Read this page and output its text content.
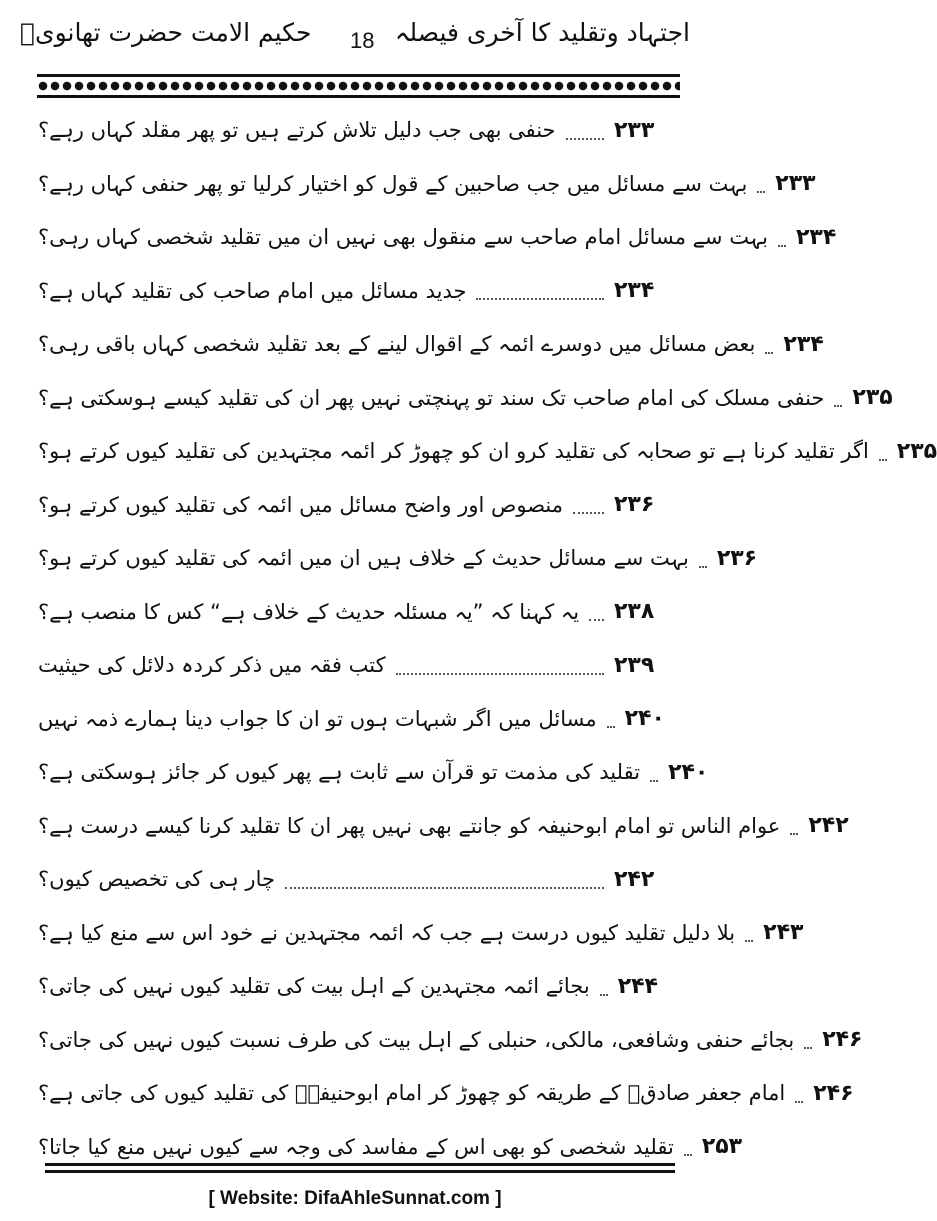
اجتہاد وتقلید کا آخری فیصلہ
18
حکیم الامت حضرت تھانویؒ
حنفی بھی جب دلیل تلاش کرتے ہیں تو پھر مقلد کہاں رہے؟	۲۳۳
بہت سے مسائل میں جب صاحبین کے قول کو اختیار کرلیا تو پھر حنفی کہاں رہے؟ ۲۳۳
بہت سے مسائل امام صاحب سے منقول بھی نہیں ان میں تقلید شخصی کہاں رہی؟ ۲۳۴
جدید مسائل میں امام صاحب کی تقلید کہاں ہے؟	۲۳۴
بعض مسائل میں دوسرے ائمہ کے اقوال لینے کے بعد تقلید شخصی کہاں باقی رہی؟ ۲۳۴
حنفی مسلک کی امام صاحب تک سند تو پہنچتی نہیں پھر ان کی تقلید کیسے ہوسکتی ہے؟ ۲۳۵
اگر تقلید کرنا ہے تو صحابہ کی تقلید کرو ان کو چھوڑ کر ائمہ مجتہدین کی تقلید کیوں کرتے ہو؟ ۲۳۵
منصوص اور واضح مسائل میں ائمہ کی تقلید کیوں کرتے ہو؟ ۲۳۶
بہت سے مسائل حدیث کے خلاف ہیں ان میں ائمہ کی تقلید کیوں کرتے ہو؟ ۲۳۶
یہ کہنا کہ ”یہ مسئلہ حدیث کے خلاف ہے“ کس کا منصب ہے؟ ۲۳۸
کتب فقہ میں ذکر کردہ دلائل کی حیثیت	۲۳۹
مسائل میں اگر شبہات ہوں تو ان کا جواب دینا ہمارے ذمہ نہیں ۲۴۰
تقلید کی مذمت تو قرآن سے ثابت ہے پھر کیوں کر جائز ہوسکتی ہے؟ ۲۴۰
عوام الناس تو امام ابوحنیفہ کو جانتے بھی نہیں پھر ان کا تقلید کرنا کیسے درست ہے؟ ۲۴۲
چار ہی کی تخصیص کیوں؟	۲۴۲
بلا دلیل تقلید کیوں درست ہے جب کہ ائمہ مجتہدین نے خود اس سے منع کیا ہے؟ ۲۴۳
بجائے ائمہ مجتہدین کے اہل بیت کی تقلید کیوں نہیں کی جاتی؟ ۲۴۴
بجائے حنفی وشافعی، مالکی، حنبلی کے اہل بیت کی طرف نسبت کیوں نہیں کی جاتی؟ ۲۴۶
امام جعفر صادقؒ کے طریقہ کو چھوڑ کر امام ابوحنیفہؒ کی تقلید کیوں کی جاتی ہے؟ ۲۴۶
تقلید شخصی کو بھی اس کے مفاسد کی وجہ سے کیوں نہیں منع کیا جاتا؟ ۲۵۳
[ Website: DifaAhleSunnat.com ]
